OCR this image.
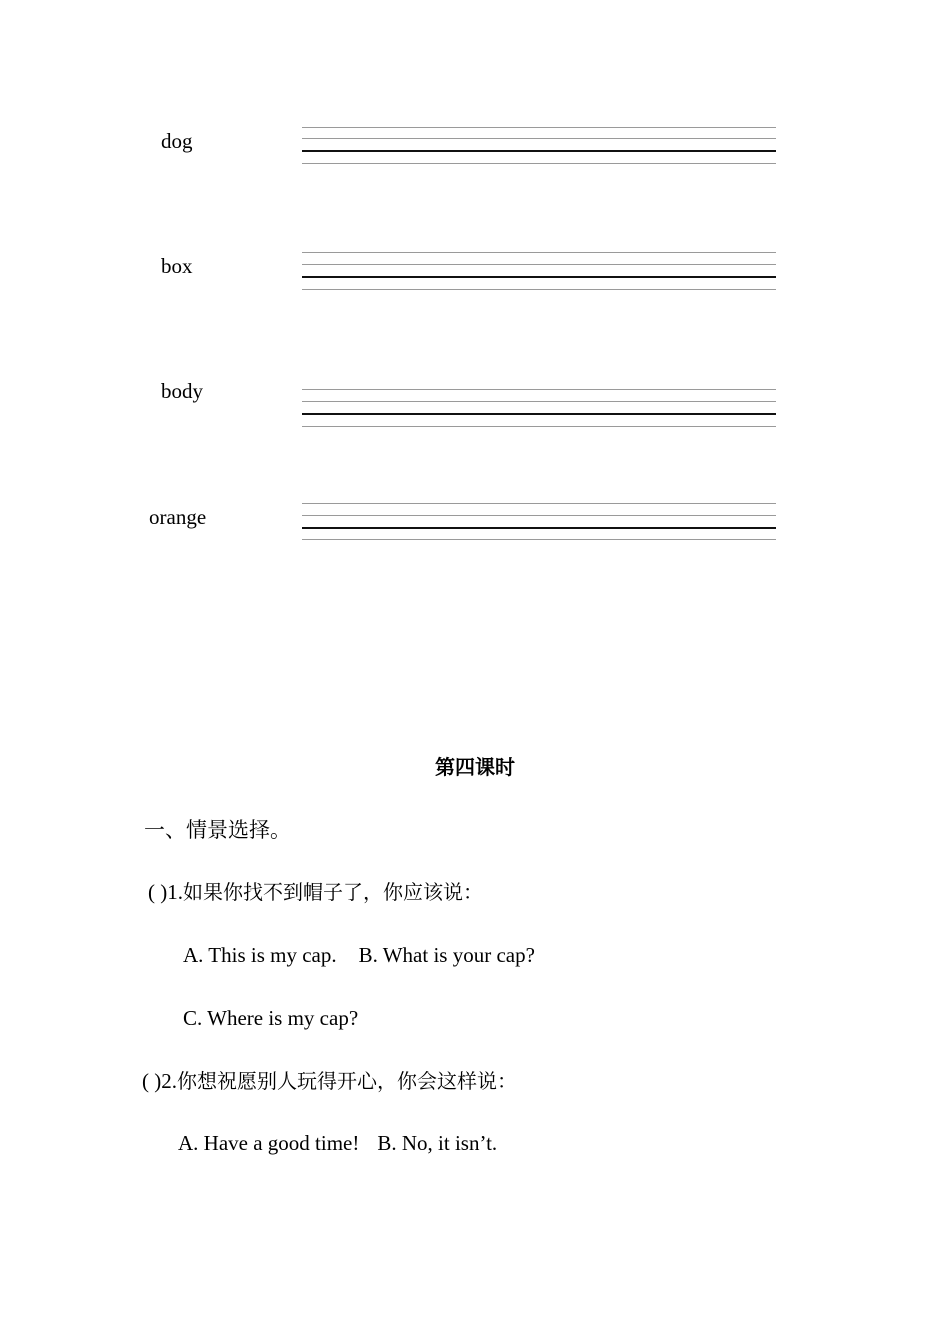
dog
box
body
orange
第四课时
一、情景选择。
( )1.如果你找不到帽子了，你应该说：
A. This is my cap. B. What is your cap?
C. Where is my cap?
( )2.你想祝愿别人玩得开心，你会这样说：
A. Have a good time! B. No, it isn’t.
